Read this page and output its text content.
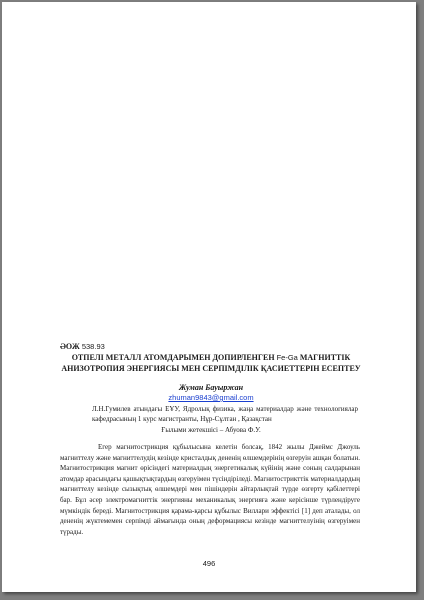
ӘОЖ 538.93
ОТПЕЛІ МЕТАЛЛ АТОМДАРЫМЕН ДОПИРЛЕНГЕН Fe-Ga МАГНИТТІК АНИЗОТРОПИЯ ЭНЕРГИЯСЫ МЕН СЕРПІМДІЛІК ҚАСИЕТТЕРІН ЕСЕПТЕУ
Жуман Бауыржан
zhuman9843@gmail.com
Л.Н.Гумилев атындағы ЕҰУ, Ядролық физика, жаңа материалдар және технологиялар кафедрасының 1 курс магистранты, Нұр-Сұлтан , Қазақстан
Ғылыми жетекшісі – Абуова Ф.У.
Егер магнитострикция құбылысына келетін болсақ, 1842 жылы Джеймс Джоуль магниттелу және магниттелудің кезінде кристалдық дененің өлшемдерінің өзгеруін ашқан болатын. Магнитострикция магнит өрісіндегі материалдың энергетикалық күйінің және соның салдарынан атомдар арасындағы қашықтықтардың өзгеруімен түсіндіріледі. Магнитострикттік материалдардың магниттелу кезінде сызықтық өлшемдері мен пішіндерін айтарлықтай түрде өзгерту қабілеттері бар. Бұл әсер электромагниттік энергияны механикалық энергияға және керісінше түрлендіруге мүмкіндік береді. Магнитострикция қарама-қарсы құбылыс Виллари эффектісі [1] деп аталады, ол дененің жүктемемен серпімді аймағында оның деформациясы кезінде магниттелуінің өзгеруімен түрады.
496
